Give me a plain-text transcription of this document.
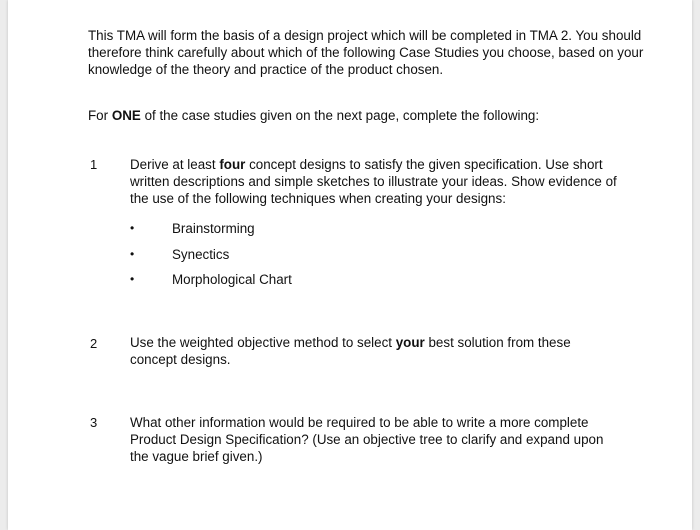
This TMA will form the basis of a design project which will be completed in TMA 2. You should therefore think carefully about which of the following Case Studies you choose, based on your knowledge of the theory and practice of the product chosen.
For ONE of the case studies given on the next page, complete the following:
1 Derive at least four concept designs to satisfy the given specification. Use short written descriptions and simple sketches to illustrate your ideas. Show evidence of the use of the following techniques when creating your designs:
•	Brainstorming
•	Synectics
•	Morphological Chart
2 Use the weighted objective method to select your best solution from these concept designs.
3 What other information would be required to be able to write a more complete Product Design Specification? (Use an objective tree to clarify and expand upon the vague brief given.)
